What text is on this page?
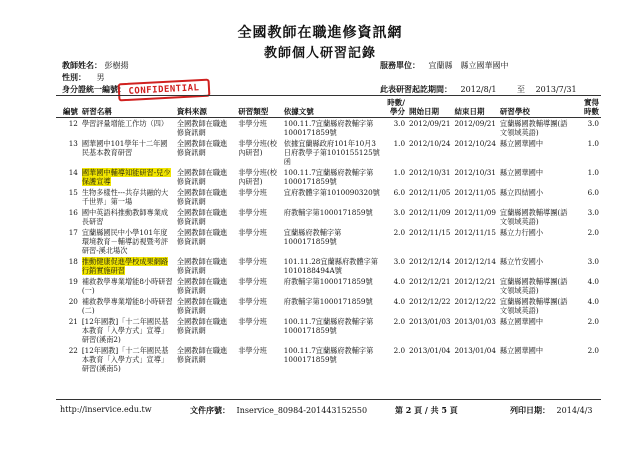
全國教師在職進修資訊網
教師個人研習記錄
教師姓名： 彭樹揚
性別： 男
身分證統一編號： CONFIDENTIAL
服務單位： 宜蘭縣　縣立國華國中
此表研習起訖期間： 2012/8/1	至 2013/7/31
編號	研習名稱	資料來源	研習類型	依據文號	時數/學分	開始日期	結束日期	研習學校	實得時數
12	學習評量增能工作坊（四）	全國教師在職進修資訊網	非學分班	100.11.7宜蘭縣府教輔字第1000171859號	3.0	2012/09/21	2012/09/21	宜蘭縣國教輔導團(語文領域英語)	3.0
13	國華國中101學年十二年國民基本教育研習	全國教師在職進修資訊網	非學分班(校內研習)	依據宜蘭縣政府101年10月3日府教學子第1010155125號函	1.0	2012/10/24	2012/10/24	縣立國華國中	1.0
14	國華國中輔導知能研習-兒少保護宣導	全國教師在職進修資訊網	非學分班(校內研習)	100.11.7宜蘭縣府教輔字第1000171859號	1.0	2012/10/31	2012/10/31	縣立國華國中	1.0
15	生物多樣性---共存共融的大千世界」第一場	全國教師在職進修資訊網	非學分班	宜府教體字第1010090320號	6.0	2012/11/05	2012/11/05	縣立四結國小	6.0
16	國中英語科推動教師專業成長研習	全國教師在職進修資訊網	非學分班	府教輔字第1000171859號	3.0	2012/11/09	2012/11/09	宜蘭縣國教輔導團(語文領域英語)	3.0
17	宜蘭縣國民中小學101年度環境教育－輔導訪視暨考評研習-溪北場次	全國教師在職進修資訊網	非學分班	宜蘭縣府教輔字第1000171859號	2.0	2012/11/15	2012/11/15	縣立力行國小	2.0
18	推動健康促進學校成果網路行銷實施研習	全國教師在職進修資訊網	非學分班	101.11.28宜蘭縣府教體字第1010188494A號	3.0	2012/12/14	2012/12/14	縣立竹安國小	3.0
19	補救教學專業增能8小時研習(一)	全國教師在職進修資訊網	非學分班	府教輔字第1000171859號	4.0	2012/12/21	2012/12/21	宜蘭縣國教輔導團(語文領域英語)	4.0
20	補救教學專業增能8小時研習(二)	全國教師在職進修資訊網	非學分班	府教輔字第1000171859號	4.0	2012/12/22	2012/12/22	宜蘭縣國教輔導團(語文領域英語)	4.0
21	[12年國教]「十二年國民基本教育「入學方式」宣導」研習(溪南2)	全國教師在職進修資訊網	非學分班	100.11.7宜蘭縣府教輔字第1000171859號	2.0	2013/01/03	2013/01/03	縣立國華國中	2.0
22	[12年國教]「十二年國民基本教育「入學方式」宣導」研習(溪南5)	全國教師在職進修資訊網	非學分班	100.11.7宜蘭縣府教輔字第1000171859號	2.0	2013/01/04	2013/01/04	縣立國華國中	2.0
http://inservice.edu.tw	文件序號： Inservice_80984-201443152550	第 2 頁 / 共 5 頁	列印日期： 2014/4/3
